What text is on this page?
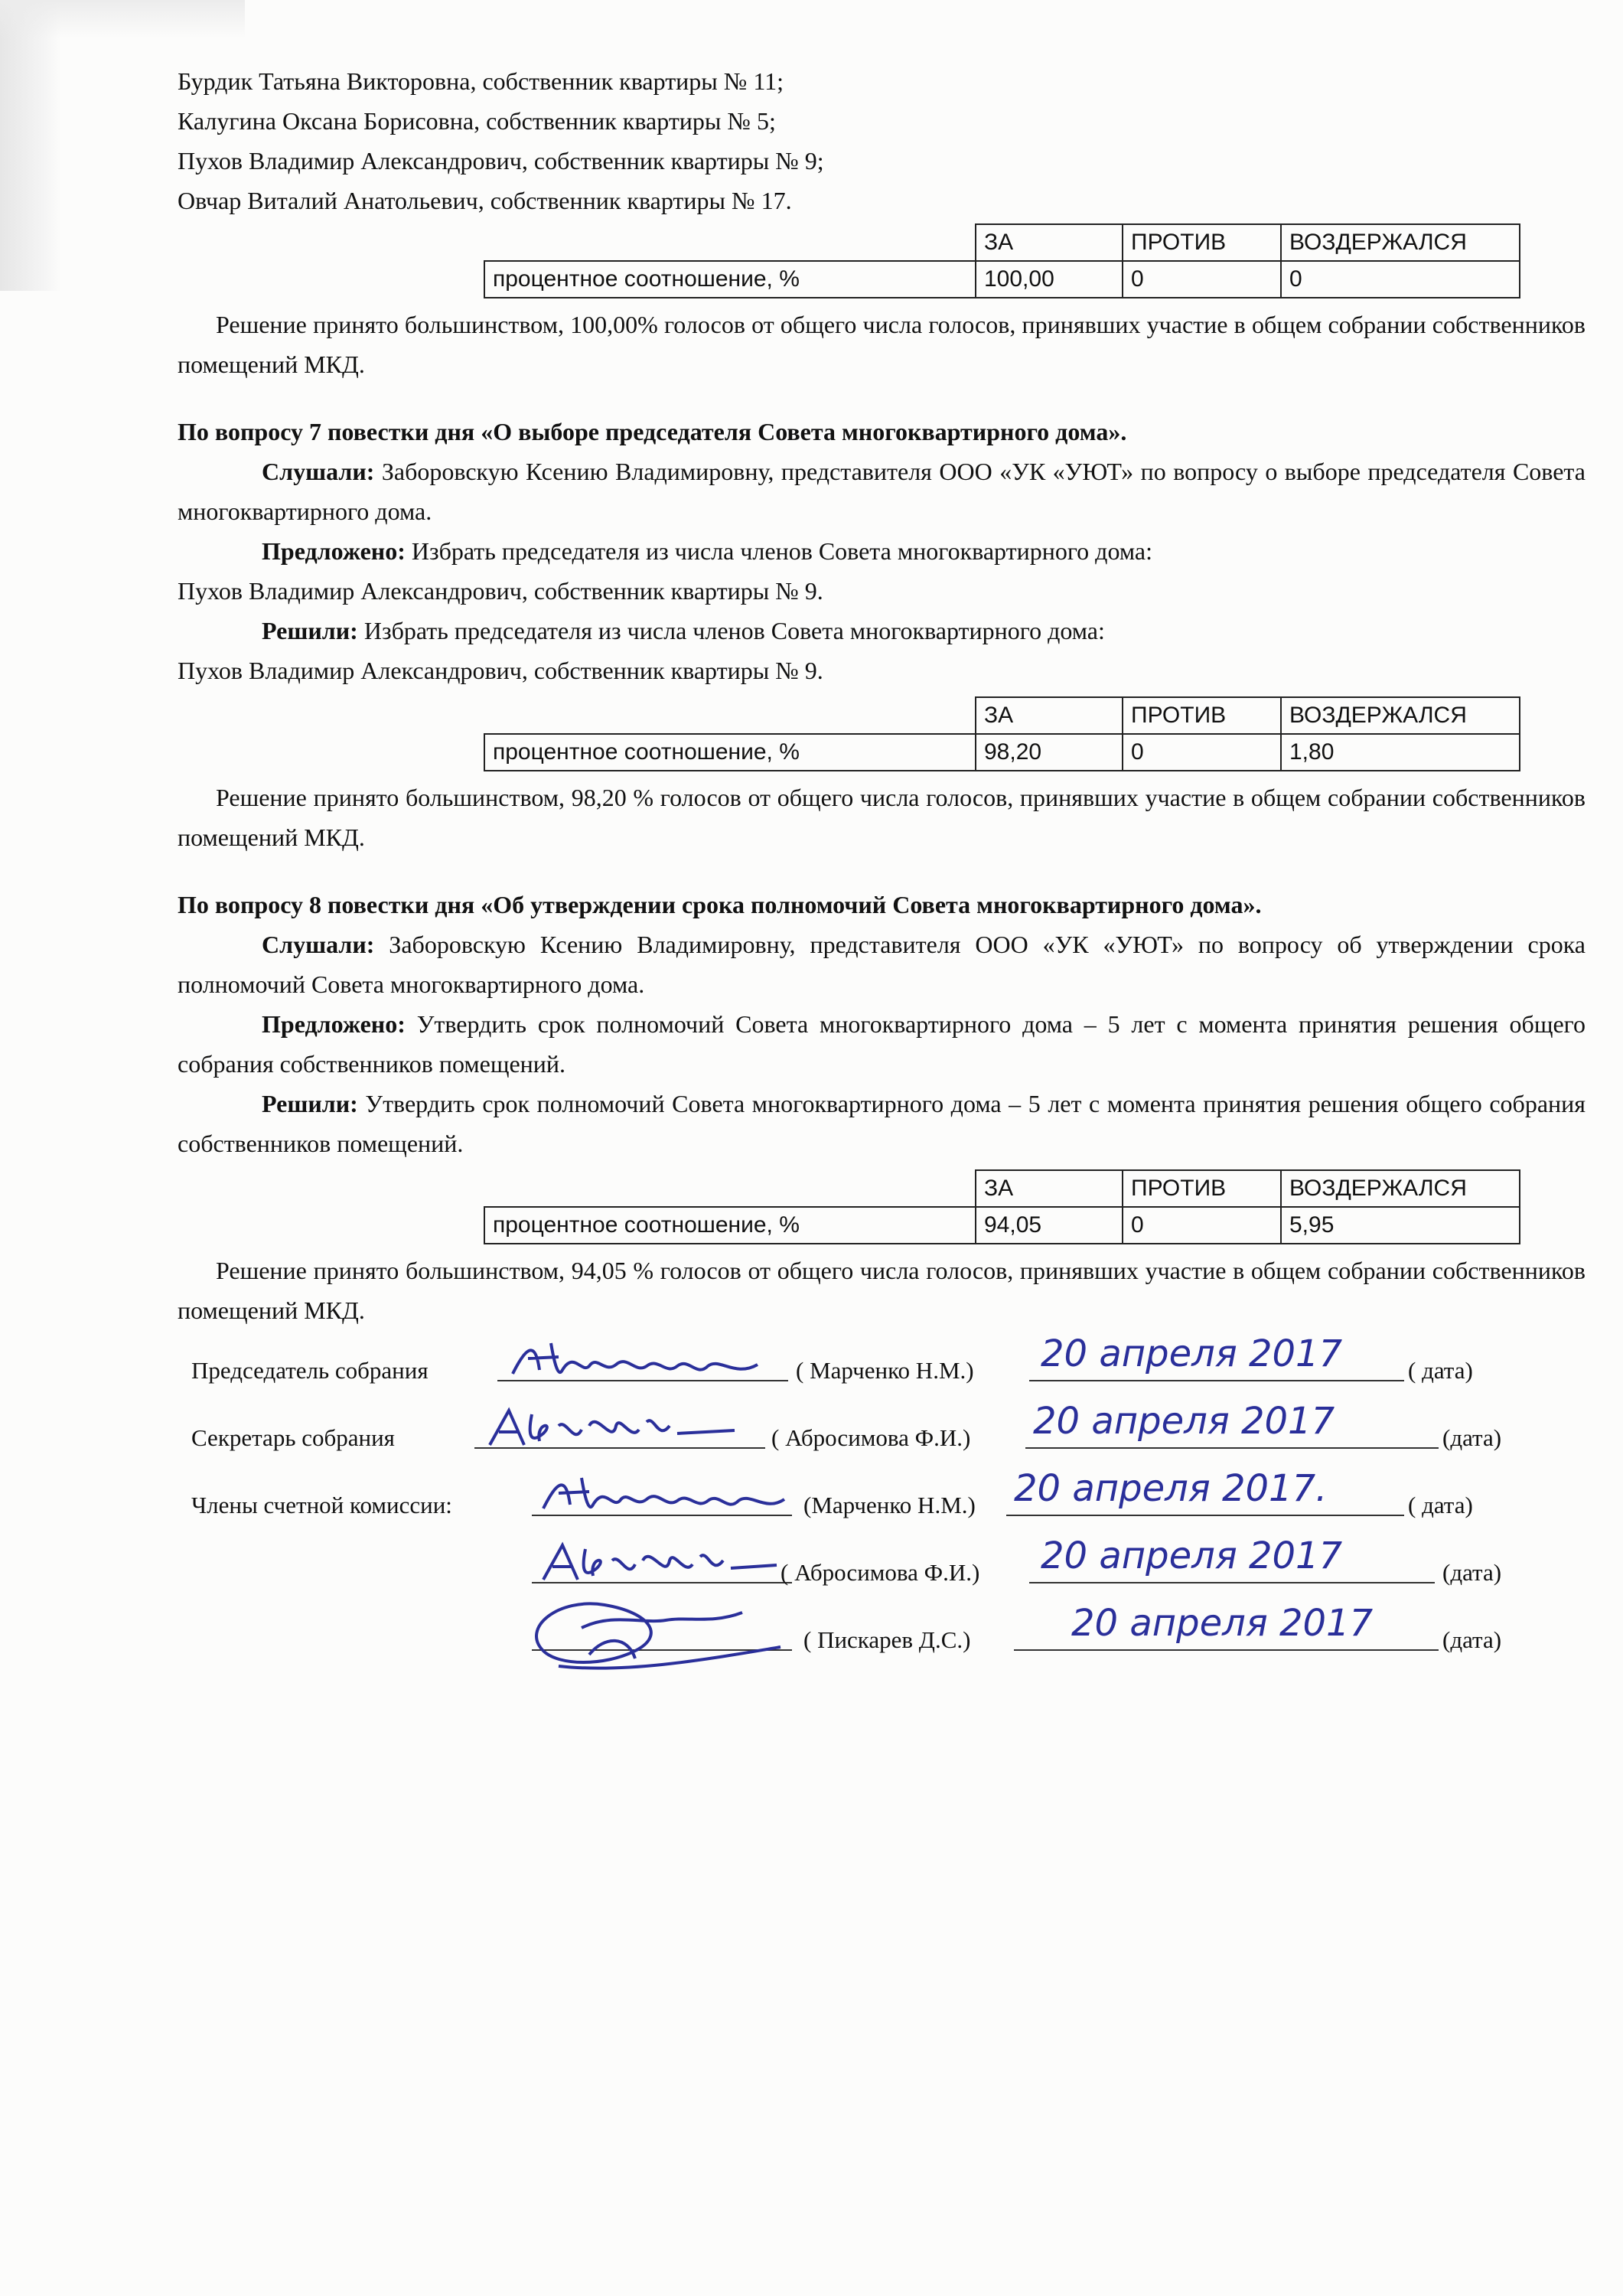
Бурдик Татьяна Викторовна, собственник квартиры № 11;

Калугина Оксана Борисовна, собственник квартиры № 5;

Пухов Владимир Александрович, собственник квартиры № 9;

Овчар Виталий Анатольевич, собственник квартиры № 17.

	ЗА	ПРОТИВ	ВОЗДЕРЖАЛСЯ
процентное соотношение, %	100,00	0	0

Решение принято большинством, 100,00% голосов от общего числа голосов, принявших участие в общем собрании собственников помещений МКД.

По вопросу 7 повестки дня «О выборе председателя Совета многоквартирного дома».

Слушали: Заборовскую Ксению Владимировну, представителя ООО «УК «УЮТ» по вопросу о выборе председателя Совета многоквартирного дома.

Предложено: Избрать председателя из числа членов Совета многоквартирного дома:

Пухов Владимир Александрович, собственник квартиры № 9.

Решили: Избрать председателя из числа членов Совета многоквартирного дома:

Пухов Владимир Александрович, собственник квартиры № 9.

	ЗА	ПРОТИВ	ВОЗДЕРЖАЛСЯ
процентное соотношение, %	98,20	0	1,80

Решение принято большинством, 98,20 % голосов от общего числа голосов, принявших участие в общем собрании собственников помещений МКД.

По вопросу 8 повестки дня «Об утверждении срока полномочий Совета многоквартирного дома».

Слушали: Заборовскую Ксению Владимировну, представителя ООО «УК «УЮТ» по вопросу об утверждении срока полномочий Совета многоквартирного дома.

Предложено: Утвердить срок полномочий Совета многоквартирного дома – 5 лет с момента принятия решения общего собрания собственников помещений.

Решили: Утвердить срок полномочий Совета многоквартирного дома – 5 лет с момента принятия решения общего собрания собственников помещений.

	ЗА	ПРОТИВ	ВОЗДЕРЖАЛСЯ
процентное соотношение, %	94,05	0	5,95

Решение принято большинством, 94,05 % голосов от общего числа голосов, принявших участие в общем собрании собственников помещений МКД.

Председатель собрания	( Марченко Н.М.) 20 апреля 2017	( дата)
Секретарь собрания	( Абросимова Ф.И.) 20 апреля 2017	(дата)
Члены счетной комиссии:	(Марченко Н.М.) 20 апреля 2017.	( дата)
( Абросимова Ф.И.) 20 апреля 2017	(дата)
( Пискарев Д.С.)	20 апреля 2017	(дата)
